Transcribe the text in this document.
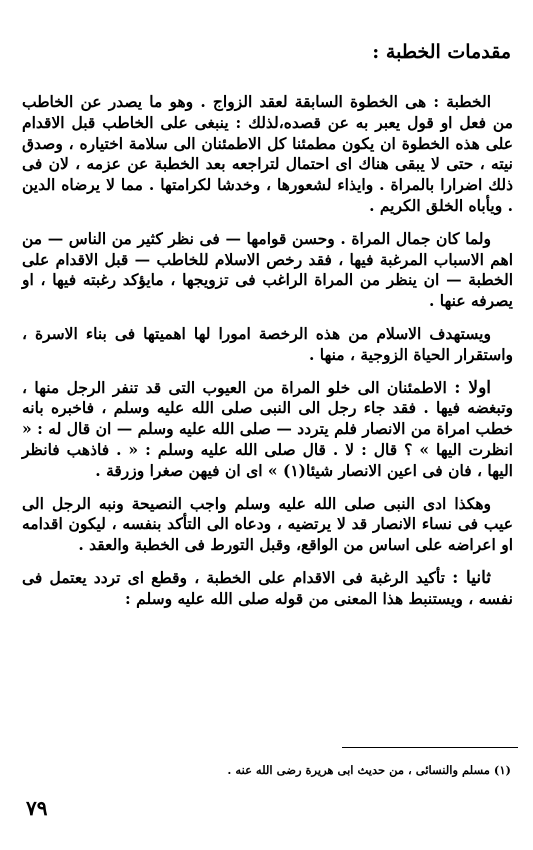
مقدمات الخطبة :

الخطبة : هى الخطوة السابقة لعقد الزواج . وهو ما يصدر عن الخاطب من فعل او قول يعبر به عن قصده،لذلك : ينبغى على الخاطب قبل الاقدام على هذه الخطوة ان يكون مطمئنا كل الاطمئنان الى سلامة اختياره ، وصدق نيته ، حتى لا يبقى هناك اى احتمال لتراجعه بعد الخطبة عن عزمه ، لان فى ذلك اضرارا بالمراة . وايذاء لشعورها ، وخدشا لكرامتها . مما لا يرضاه الدين . ويأباه الخلق الكريم .

ولما كان جمال المراة . وحسن قوامها — فى نظر كثير من الناس — من اهم الاسباب المرغبة فيها ، فقد رخص الاسلام للخاطب — قبل الاقدام على الخطبة — ان ينظر من المراة الراغب فى تزويجها ، مايؤكد رغبته فيها ، او يصرفه عنها .

ويستهدف الاسلام من هذه الرخصة امورا لها اهميتها فى بناء الاسرة ، واستقرار الحياة الزوجية ، منها .

اولا : الاطمئنان الى خلو المراة من العيوب التى قد تنفر الرجل منها ، وتبغضه فيها . فقد جاء رجل الى النبى صلى الله عليه وسلم ، فاخبره بانه خطب امراة من الانصار فلم يتردد — صلى الله عليه وسلم — ان قال له : « انظرت اليها » ؟ قال : لا . قال صلى الله عليه وسلم : « . فاذهب فانظر اليها ، فان فى اعين الانصار شيئا(١) » اى ان فيهن صغرا وزرقة .

وهكذا ادى النبى صلى الله عليه وسلم واجب النصيحة ونبه الرجل الى عيب فى نساء الانصار قد لا يرتضيه ، ودعاه الى التأكد بنفسه ، ليكون اقدامه او اعراضه على اساس من الواقع، وقبل التورط فى الخطبة والعقد .

ثانيا : تأكيد الرغبة فى الاقدام على الخطبة ، وقطع اى تردد يعتمل فى نفسه ، ويستنبط هذا المعنى من قوله صلى الله عليه وسلم :

(١) مسلم والنسائى ، من حديث ابى هريرة رضى الله عنه .

٧٩
